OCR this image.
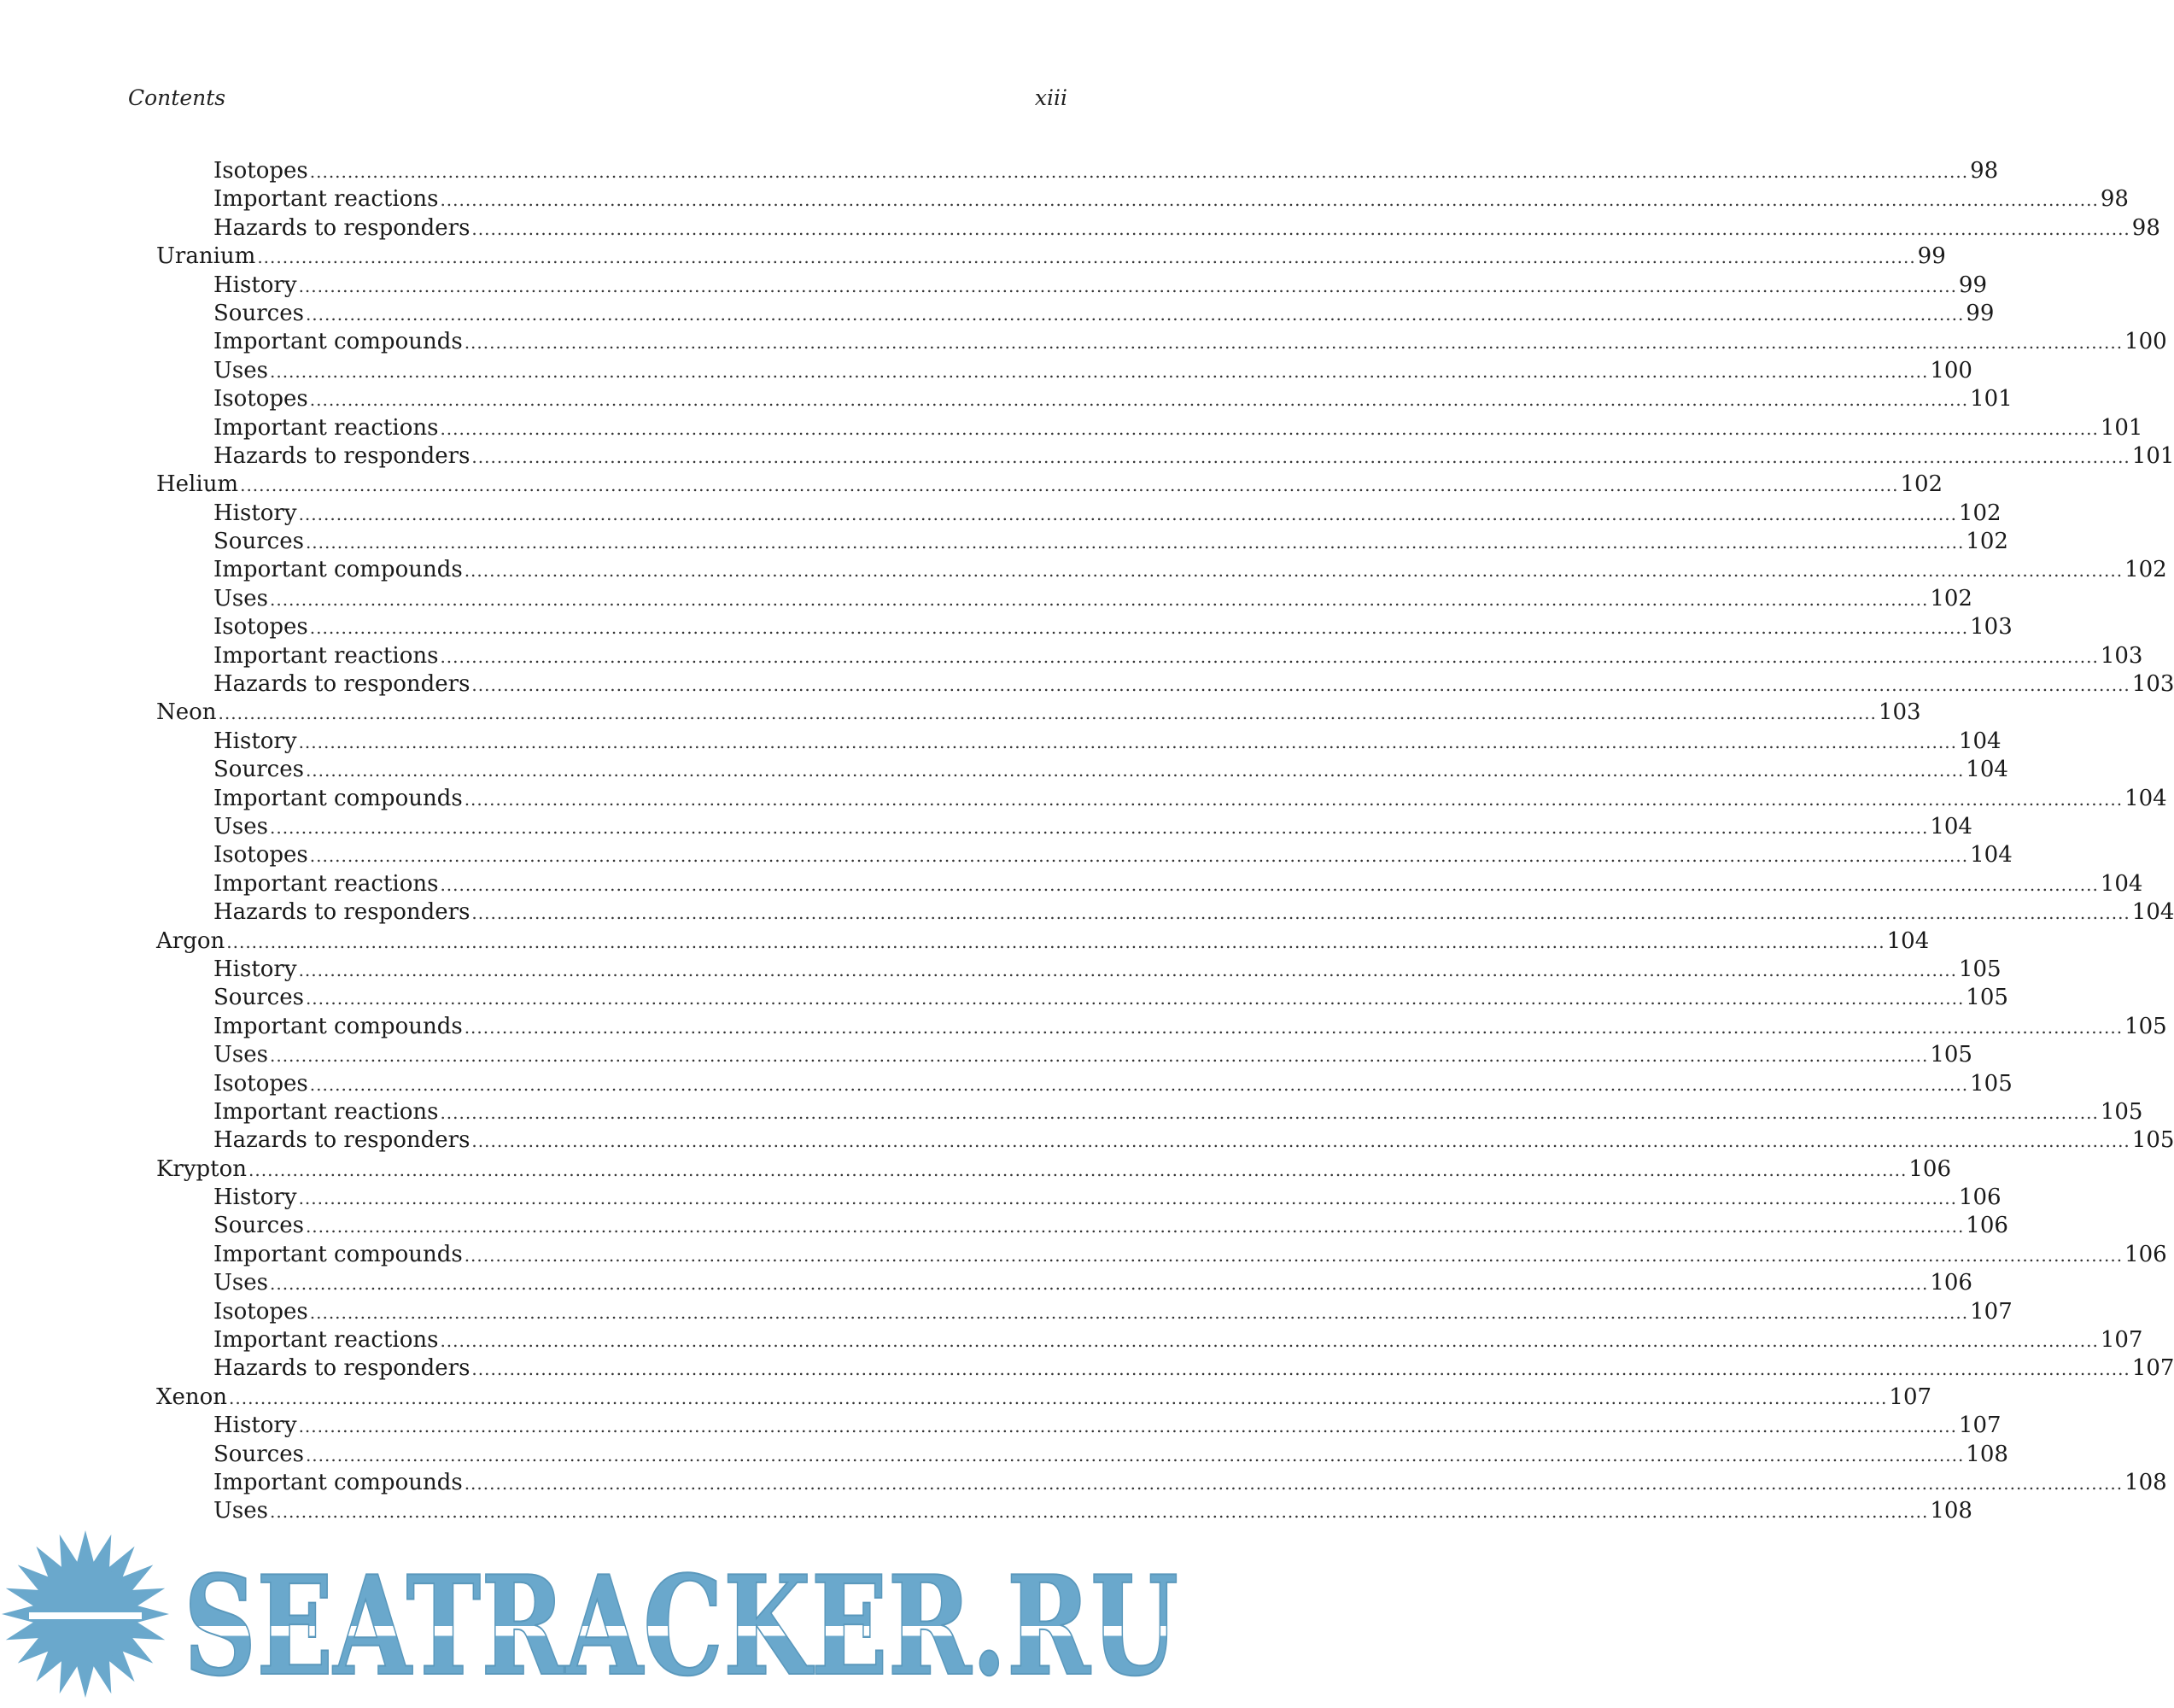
Contents	xiii
Isotopes .....	98
Important reactions .....	98
Hazards to responders .....	98
Uranium .....	99
History .....	99
Sources .....	99
Important compounds .....	100
Uses .....	100
Isotopes .....	101
Important reactions .....	101
Hazards to responders .....	101
Helium .....	102
History .....	102
Sources .....	102
Important compounds .....	102
Uses .....	102
Isotopes .....	103
Important reactions .....	103
Hazards to responders .....	103
Neon .....	103
History .....	104
Sources .....	104
Important compounds .....	104
Uses .....	104
Isotopes .....	104
Important reactions .....	104
Hazards to responders .....	104
Argon .....	104
History .....	105
Sources .....	105
Important compounds .....	105
Uses .....	105
Isotopes .....	105
Important reactions .....	105
Hazards to responders .....	105
Krypton .....	106
History .....	106
Sources .....	106
Important compounds .....	106
Uses .....	106
Isotopes .....	107
Important reactions .....	107
Hazards to responders .....	107
Xenon .....	107
History .....	107
Sources .....	108
Important compounds .....	108
Uses .....	108
SEATRACKER.RU
